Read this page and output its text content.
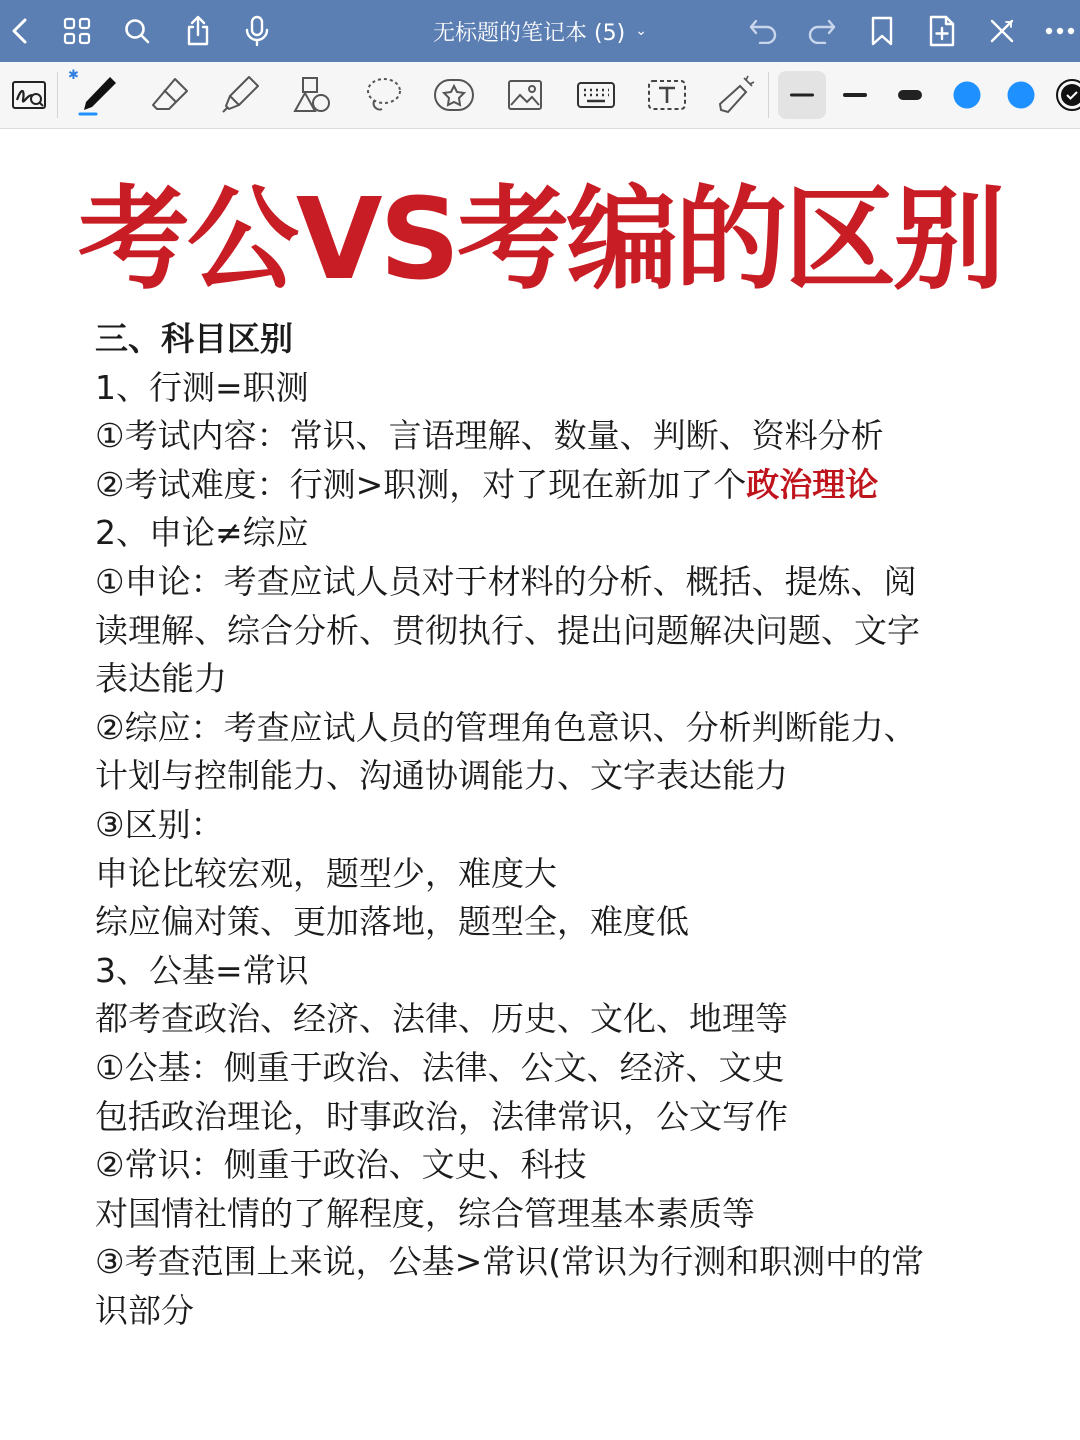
无标题的笔记本 (5) ⌄
✱
考公VS考编的区别
三、科目区别
1、行测=职测
①考试内容：常识、言语理解、数量、判断、资料分析
②考试难度：行测>职测，对了现在新加了个政治理论
2、申论≠综应
①申论：考查应试人员对于材料的分析、概括、提炼、阅
读理解、综合分析、贯彻执行、提出问题解决问题、文字
表达能力
②综应：考查应试人员的管理角色意识、分析判断能力、
计划与控制能力、沟通协调能力、文字表达能力
③区别：
申论比较宏观，题型少，难度大
综应偏对策、更加落地，题型全，难度低
3、公基=常识
都考查政治、经济、法律、历史、文化、地理等
①公基：侧重于政治、法律、公文、经济、文史
包括政治理论，时事政治，法律常识，公文写作
②常识：侧重于政治、文史、科技
对国情社情的了解程度，综合管理基本素质等
③考查范围上来说，公基>常识(常识为行测和职测中的常
识部分
